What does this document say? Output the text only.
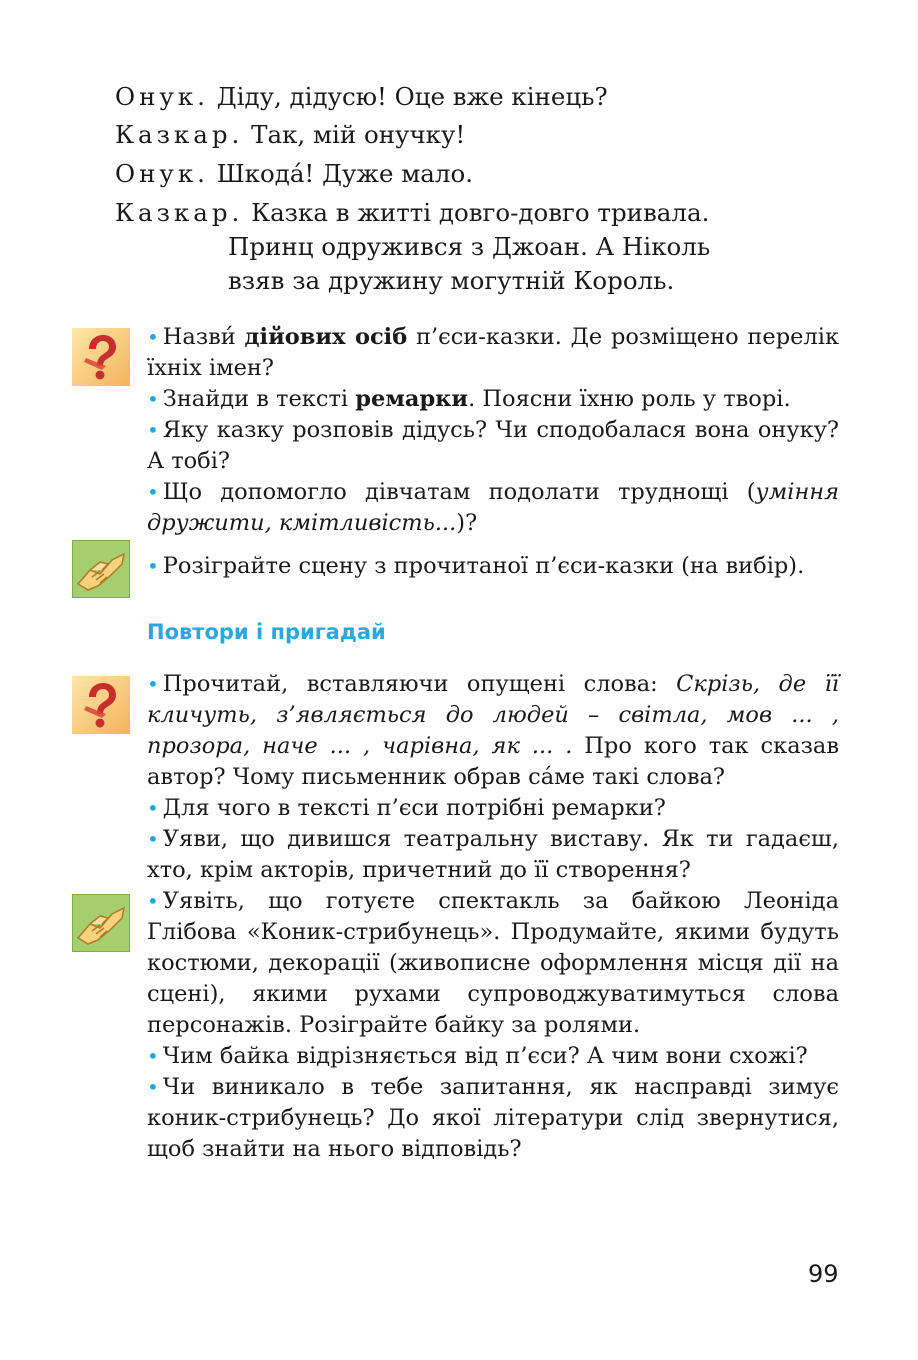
Онук. Діду, дідусю! Оце вже кінець?
Казкар. Так, мій онучку!
Онук. Шкода́! Дуже мало.
Казкар. Казка в житті довго-довго тривала.
Принц одружився з Джоан. А Ніколь
взяв за дружину могутній Король.
• Назви́ дійових осіб п’єси-казки. Де розміщено перелік їхніх імен?
• Знайди в тексті ремарки. Поясни їхню роль у творі.
• Яку казку розповів дідусь? Чи сподобалася вона онуку? А тобі?
• Що допомогло дівчатам подолати труднощі (уміння дружити, кмітливість...)?
• Розіграйте сцену з прочитаної п’єси-казки (на вибір).
Повтори і пригадай
• Прочитай, вставляючи опущені слова: Скрізь, де її кличуть, з’являється до людей – світла, мов ... , прозора, наче ... , чарівна, як ... . Про кого так сказав автор? Чому письменник обрав са́ме такі слова?
• Для чого в тексті п’єси потрібні ремарки?
• Уяви, що дивишся театральну виставу. Як ти гадаєш, хто, крім акторів, причетний до її створення?
• Уявіть, що готуєте спектакль за байкою Леоніда Глібова «Коник-стрибунець». Продумайте, якими будуть костюми, декорації (живописне оформлення місця дії на сцені), якими рухами супроводжуватимуться слова персонажів. Розіграйте байку за ролями.
• Чим байка відрізняється від п’єси? А чим вони схожі?
• Чи виникало в тебе запитання, як насправді зимує коник-стрибунець? До якої літератури слід звернутися, щоб знайти на нього відповідь?
99
